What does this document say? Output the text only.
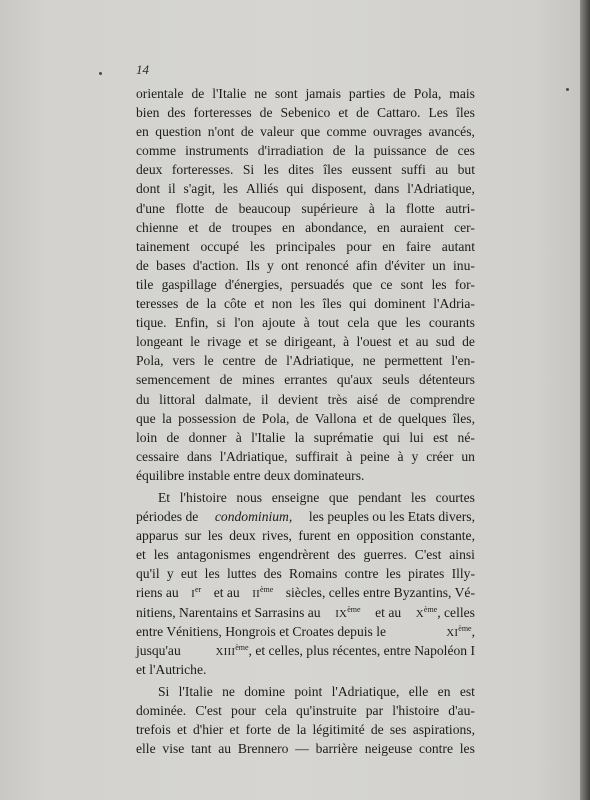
14
orientale de l'Italie ne sont jamais parties de Pola, mais
bien des forteresses de Sebenico et de Cattaro. Les îles
en question n'ont de valeur que comme ouvrages avancés,
comme instruments d'irradiation de la puissance de ces
deux forteresses. Si les dites îles eussent suffi au but
dont il s'agit, les Alliés qui disposent, dans l'Adriatique,
d'une flotte de beaucoup supérieure à la flotte autri-
chienne et de troupes en abondance, en auraient cer-
tainement occupé les principales pour en faire autant
de bases d'action. Ils y ont renoncé afin d'éviter un inu-
tile gaspillage d'énergies, persuadés que ce sont les for-
teresses de la côte et non les îles qui dominent l'Adria-
tique. Enfin, si l'on ajoute à tout cela que les courants
longeant le rivage et se dirigeant, à l'ouest et au sud de
Pola, vers le centre de l'Adriatique, ne permettent l'en-
semencement de mines errantes qu'aux seuls détenteurs
du littoral dalmate, il devient très aisé de comprendre
que la possession de Pola, de Vallona et de quelques îles,
loin de donner à l'Italie la suprématie qui lui est né-
cessaire dans l'Adriatique, suffirait à peine à y créer un
équilibre instable entre deux dominateurs.
Et l'histoire nous enseigne que pendant les courtes
périodes de condominium, les peuples ou les Etats divers,
apparus sur les deux rives, furent en opposition constante,
et les antagonismes engendrèrent des guerres. C'est ainsi
qu'il y eut les luttes des Romains contre les pirates Illy-
riens au Ier et au IIème siècles, celles entre Byzantins, Vé-
nitiens, Narentains et Sarrasins au IXème et au Xème, celles
entre Vénitiens, Hongrois et Croates depuis le	XIème,
jusqu'au	XIIIème, et celles, plus récentes, entre Napoléon I
et l'Autriche.
Si l'Italie ne domine point l'Adriatique, elle en est
dominée. C'est pour cela qu'instruite par l'histoire d'au-
trefois et d'hier et forte de la légitimité de ses aspirations,
elle vise tant au Brennero — barrière neigeuse contre les
